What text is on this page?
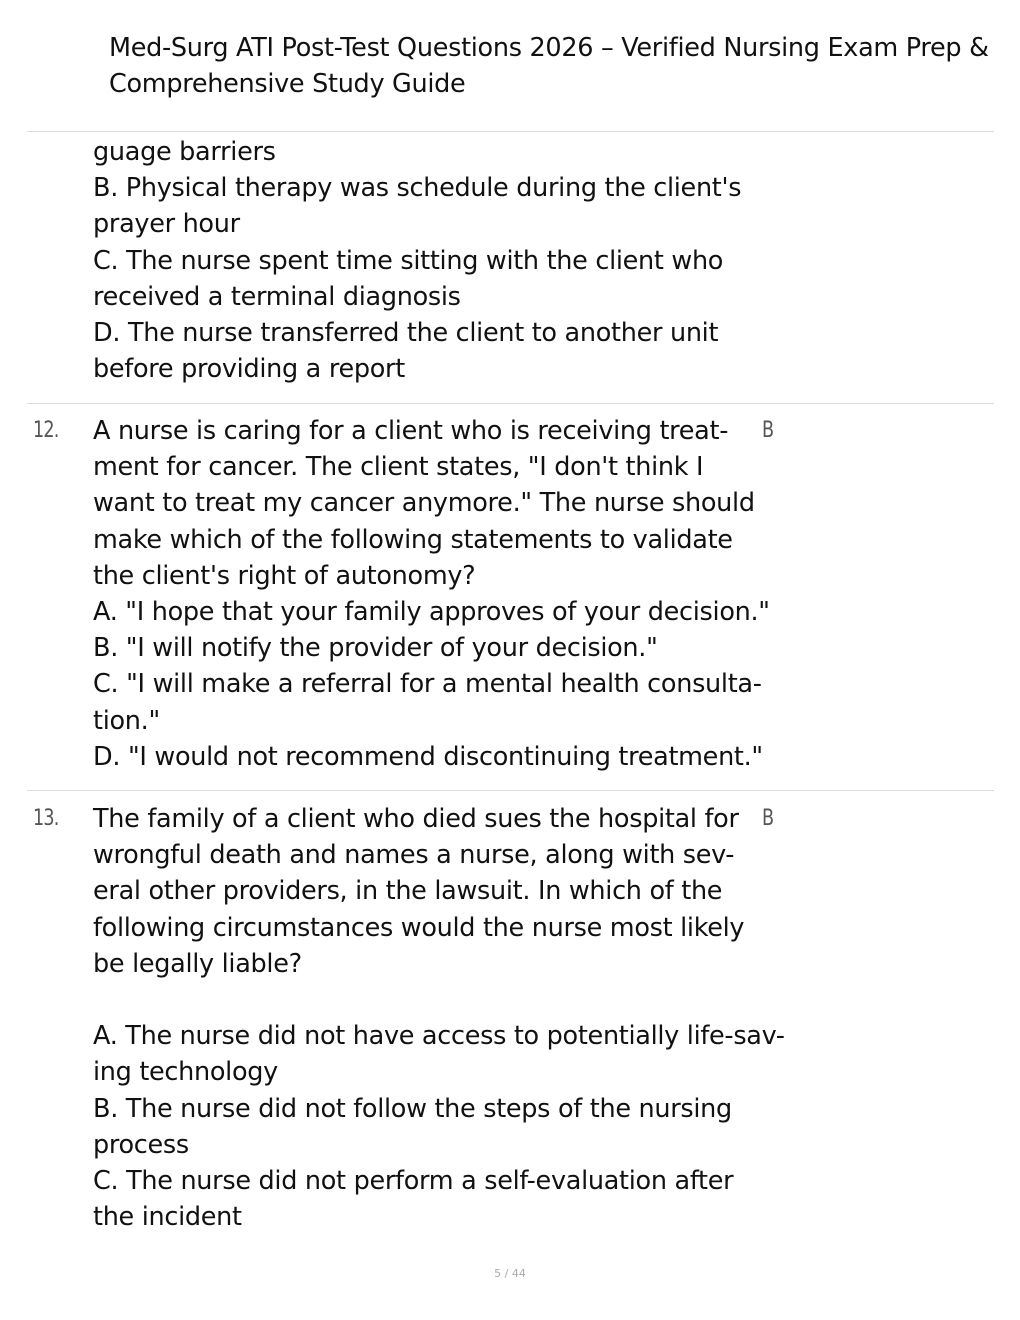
Med-Surg ATI Post-Test Questions 2026 – Verified Nursing Exam Prep &
Comprehensive Study Guide
guage barriers
B. Physical therapy was schedule during the client's
prayer hour
C. The nurse spent time sitting with the client who
received a terminal diagnosis
D. The nurse transferred the client to another unit
before providing a report
12. A nurse is caring for a client who is receiving treat-
ment for cancer. The client states, "I don't think I
want to treat my cancer anymore." The nurse should
make which of the following statements to validate
the client's right of autonomy?
A. "I hope that your family approves of your decision."
B. "I will notify the provider of your decision."
C. "I will make a referral for a mental health consulta-
tion."
D. "I would not recommend discontinuing treatment."
B
13. The family of a client who died sues the hospital for
wrongful death and names a nurse, along with sev-
eral other providers, in the lawsuit. In which of the
following circumstances would the nurse most likely
be legally liable?
A. The nurse did not have access to potentially life-sav-
ing technology
B. The nurse did not follow the steps of the nursing
process
C. The nurse did not perform a self-evaluation after
the incident
B
5 / 44
